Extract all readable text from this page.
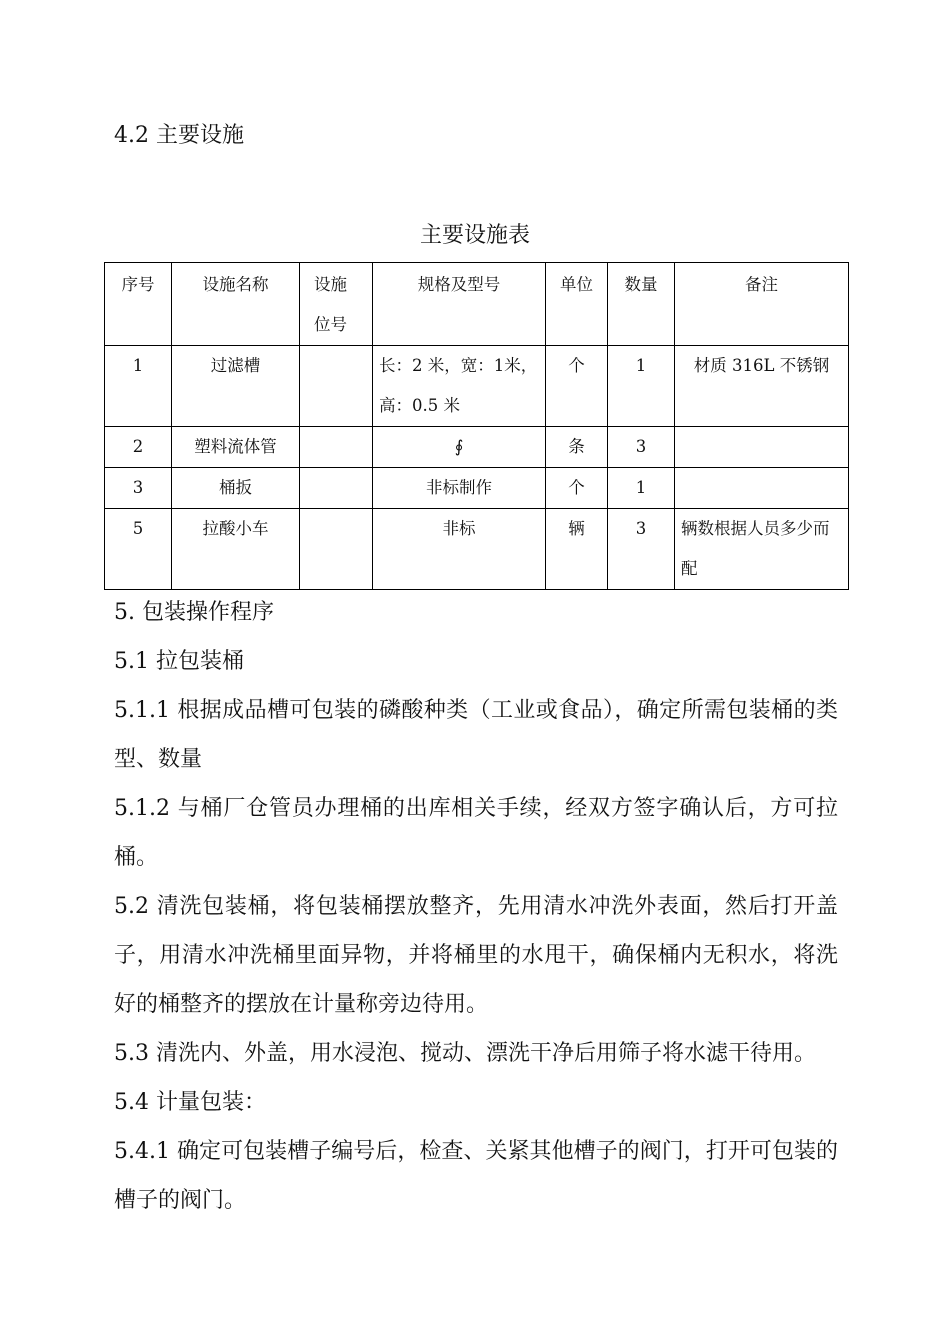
4.2 主要设施
主要设施表
序号	设施名称	设施位号	规格及型号	单位	数量	备注
1	过滤槽		长：2 米，宽：1米，高：0.5 米	个	1	材质 316L 不锈钢
2	塑料流体管		∮	条	3	
3	桶扳		非标制作	个	1	
5	拉酸小车		非标	辆	3	辆数根据人员多少而配

5. 包装操作程序

5.1 拉包装桶

5.1.1 根据成品槽可包装的磷酸种类（工业或食品），确定所需包装桶的类型、数量

5.1.2 与桶厂仓管员办理桶的出库相关手续，经双方签字确认后，方可拉桶。

5.2 清洗包装桶，将包装桶摆放整齐，先用清水冲洗外表面，然后打开盖子，用清水冲洗桶里面异物，并将桶里的水甩干，确保桶内无积水，将洗好的桶整齐的摆放在计量称旁边待用。

5.3 清洗内、外盖，用水浸泡、搅动、漂洗干净后用筛子将水滤干待用。

5.4 计量包装：

5.4.1 确定可包装槽子编号后，检查、关紧其他槽子的阀门，打开可包装的槽子的阀门。
